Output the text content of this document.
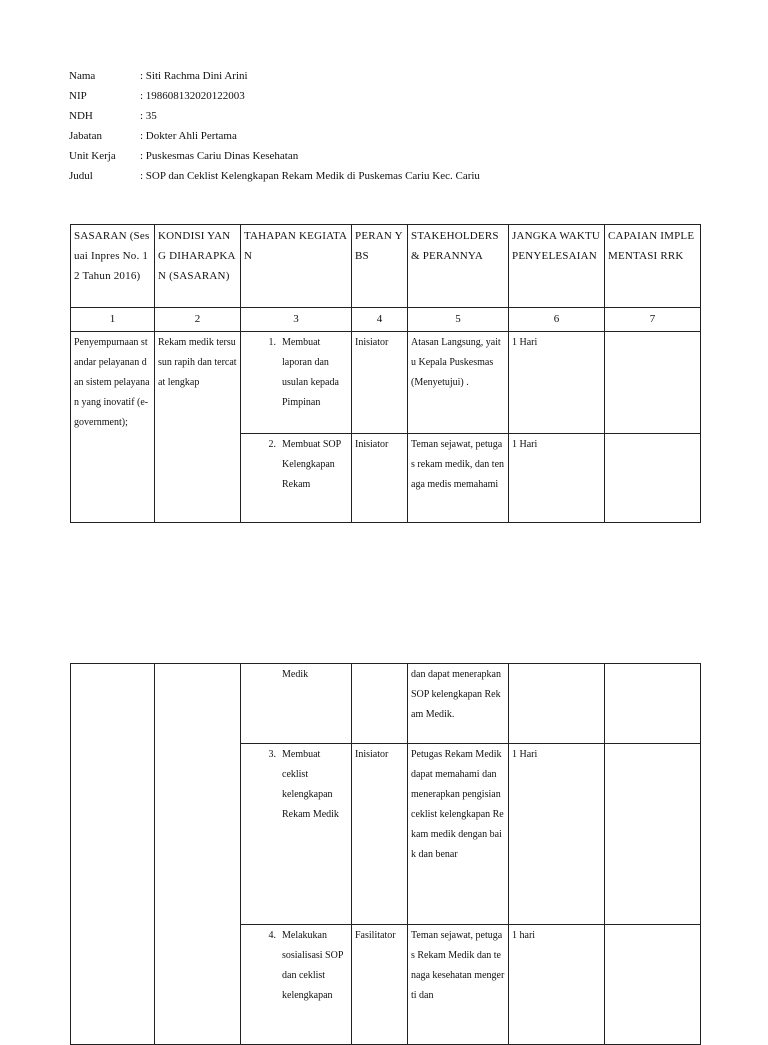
Nama	: Siti Rachma Dini Arini
NIP	: 198608132020122003
NDH	: 35
Jabatan	: Dokter Ahli Pertama
Unit Kerja	: Puskesmas Cariu Dinas Kesehatan
Judul	: SOP dan Ceklist Kelengkapan Rekam Medik di Puskemas Cariu Kec. Cariu
SASARAN (Sesuai Inpres No. 12 Tahun 2016)	KONDISI YANG DIHARAPKAN (SASARAN)	TAHAPAN KEGIATAN	PERAN YBS	STAKEHOLDERS & PERANNYA	JANGKA WAKTU PENYELESAIAN	CAPAIAN IMPLEMENTASI RRK
1	2	3	4	5	6	7
Penyempurnaan standar pelayanan dan sistem pelayanan yang inovatif (e-government);	Rekam medik tersusun rapih dan tercatat lengkap	1. Membuat laporan dan usulan kepada Pimpinan	Inisiator	Atasan Langsung, yaitu Kepala Puskesmas (Menyetujui) .	1 Hari	

		2. Membuat SOP Kelengkapan Rekam	Inisiator	Teman sejawat, petugas rekam medik, dan tenaga medis memahami	1 Hari	

		Medik		dan dapat menerapkan SOP kelengkapan Rekam Medik.		

		3. Membuat ceklist kelengkapan Rekam Medik	Inisiator	Petugas Rekam Medik dapat memahami dan menerapkan pengisian ceklist kelengkapan Rekam medik dengan baik dan benar	1 Hari	

		4. Melakukan sosialisasi SOP dan ceklist kelengkapan	Fasilitator	Teman sejawat, petugas Rekam Medik dan tenaga kesehatan mengerti dan	1 hari	
